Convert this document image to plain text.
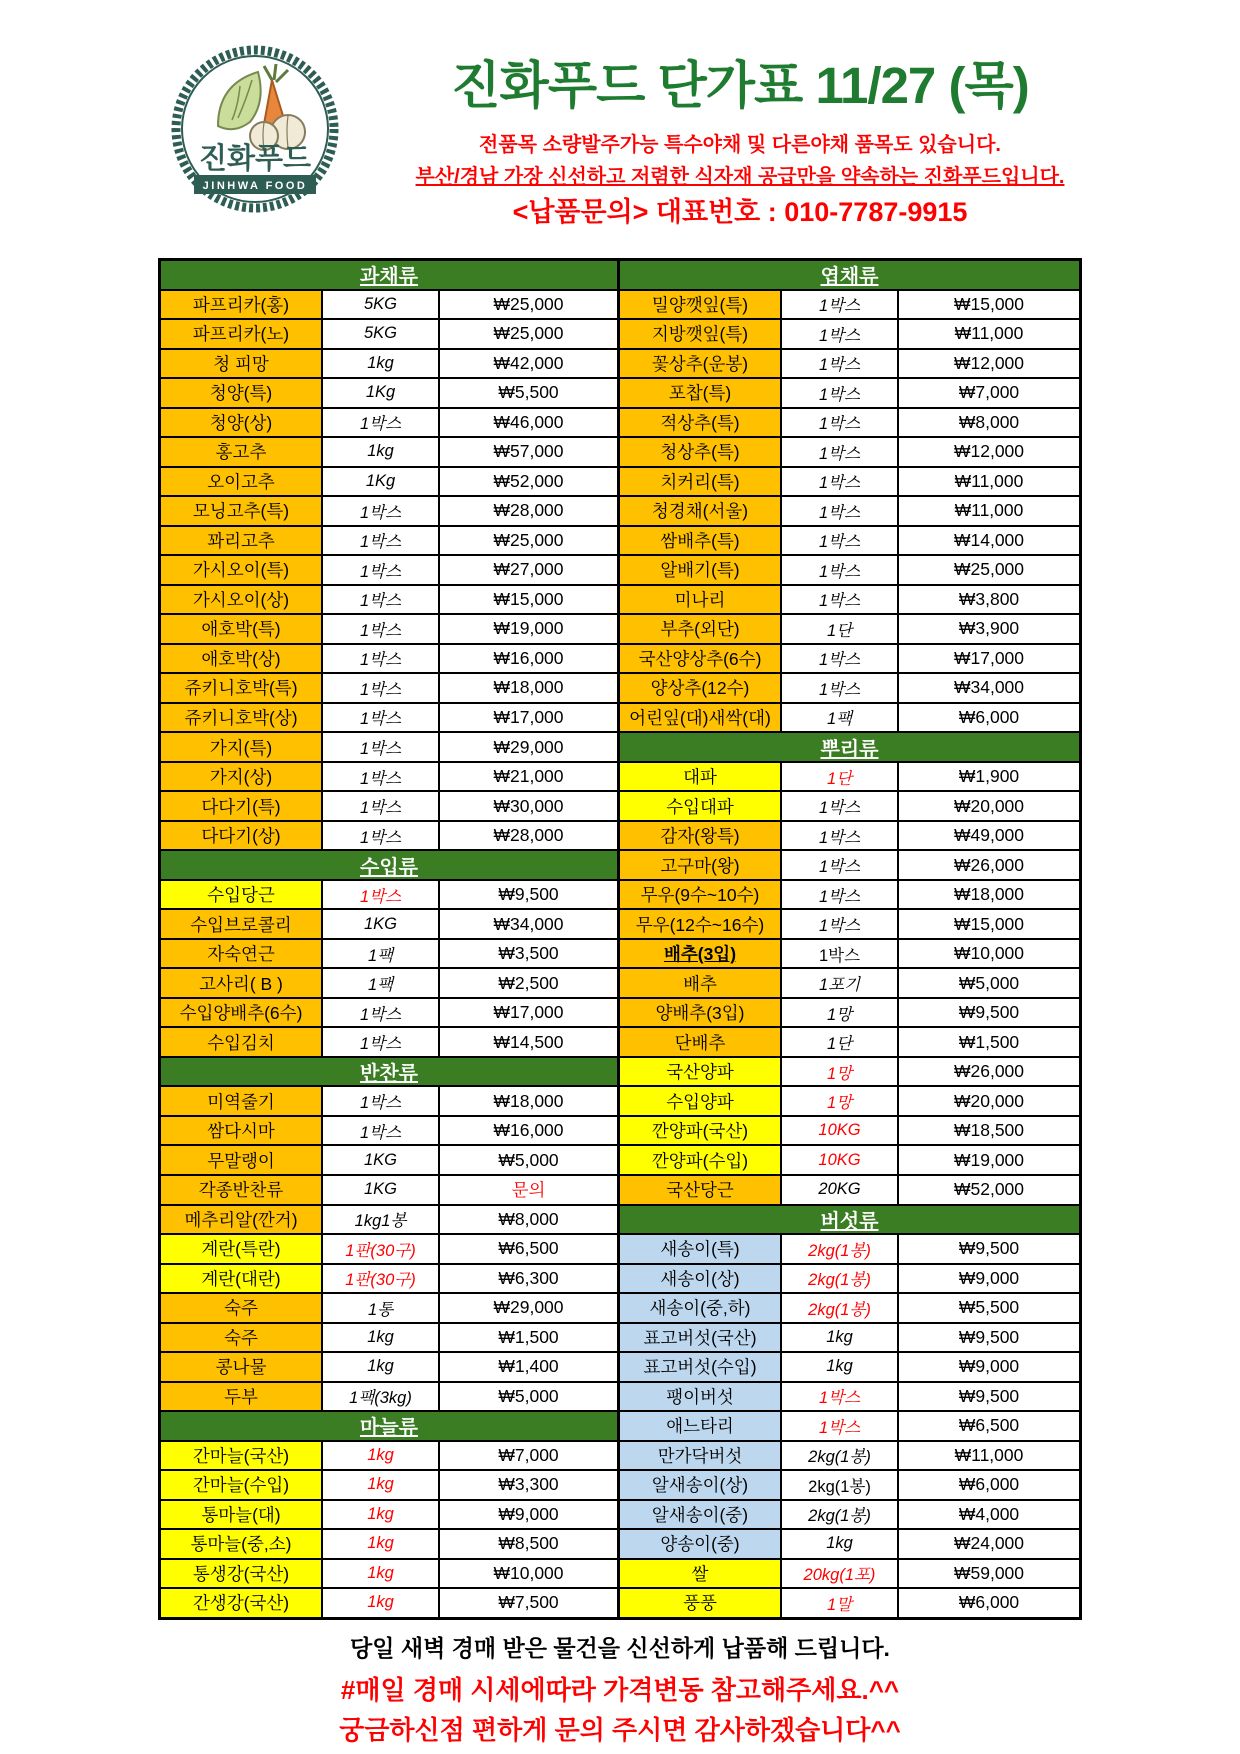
진화푸드
JINHWA FOOD
진화푸드 단가표 11/27 (목)
전품목 소량발주가능 특수야채 및 다른야채 품목도 있습니다.
부산/경남 가장 신선하고 저렴한 식자재 공급만을 약속하는 진화푸드입니다.
<납품문의> 대표번호 : 010-7787-9915
과채류
파프리카(홍)	5KG	₩25,000
파프리카(노)	5KG	₩25,000
청 피망	1kg	₩42,000
청양(특)	1Kg	₩5,500
청양(상)	1박스	₩46,000
홍고추	1kg	₩57,000
오이고추	1Kg	₩52,000
모닝고추(특)	1박스	₩28,000
꽈리고추	1박스	₩25,000
가시오이(특)	1박스	₩27,000
가시오이(상)	1박스	₩15,000
애호박(특)	1박스	₩19,000
애호박(상)	1박스	₩16,000
쥬키니호박(특)	1박스	₩18,000
쥬키니호박(상)	1박스	₩17,000
가지(특)	1박스	₩29,000
가지(상)	1박스	₩21,000
다다기(특)	1박스	₩30,000
다다기(상)	1박스	₩28,000
수입류
수입당근	1박스	₩9,500
수입브로콜리	1KG	₩34,000
자숙연근	1팩	₩3,500
고사리( B )	1팩	₩2,500
수입양배추(6수)	1박스	₩17,000
수입김치	1박스	₩14,500
반찬류
미역줄기	1박스	₩18,000
쌈다시마	1박스	₩16,000
무말랭이	1KG	₩5,000
각종반찬류	1KG	문의
메추리알(깐거)	1kg1봉	₩8,000
계란(특란)	1판(30구)	₩6,500
계란(대란)	1판(30구)	₩6,300
숙주	1통	₩29,000
숙주	1kg	₩1,500
콩나물	1kg	₩1,400
두부	1팩(3kg)	₩5,000
마늘류
간마늘(국산)	1kg	₩7,000
간마늘(수입)	1kg	₩3,300
통마늘(대)	1kg	₩9,000
통마늘(중,소)	1kg	₩8,500
통생강(국산)	1kg	₩10,000
간생강(국산)	1kg	₩7,500
엽채류
밀양깻잎(특)	1박스	₩15,000
지방깻잎(특)	1박스	₩11,000
꽃상추(운봉)	1박스	₩12,000
포찹(특)	1박스	₩7,000
적상추(특)	1박스	₩8,000
청상추(특)	1박스	₩12,000
치커리(특)	1박스	₩11,000
청경채(서울)	1박스	₩11,000
쌈배추(특)	1박스	₩14,000
알배기(특)	1박스	₩25,000
미나리	1박스	₩3,800
부추(외단)	1단	₩3,900
국산양상추(6수)	1박스	₩17,000
양상추(12수)	1박스	₩34,000
어린잎(대)새싹(대)	1팩	₩6,000
뿌리류
대파	1단	₩1,900
수입대파	1박스	₩20,000
감자(왕특)	1박스	₩49,000
고구마(왕)	1박스	₩26,000
무우(9수~10수)	1박스	₩18,000
무우(12수~16수)	1박스	₩15,000
배추(3입)	1박스	₩10,000
배추	1포기	₩5,000
양배추(3입)	1망	₩9,500
단배추	1단	₩1,500
국산양파	1망	₩26,000
수입양파	1망	₩20,000
깐양파(국산)	10KG	₩18,500
깐양파(수입)	10KG	₩19,000
국산당근	20KG	₩52,000
버섯류
새송이(특)	2kg(1봉)	₩9,500
새송이(상)	2kg(1봉)	₩9,000
새송이(중,하)	2kg(1봉)	₩5,500
표고버섯(국산)	1kg	₩9,500
표고버섯(수입)	1kg	₩9,000
팽이버섯	1박스	₩9,500
애느타리	1박스	₩6,500
만가닥버섯	2kg(1봉)	₩11,000
알새송이(상)	2kg(1봉)	₩6,000
알새송이(중)	2kg(1봉)	₩4,000
양송이(중)	1kg	₩24,000
쌀	20kg(1포)	₩59,000
풍풍	1말	₩6,000
당일 새벽 경매 받은 물건을 신선하게 납품해 드립니다.
#매일 경매 시세에따라 가격변동 참고해주세요.^^
궁금하신점 편하게 문의 주시면 감사하겠습니다^^
